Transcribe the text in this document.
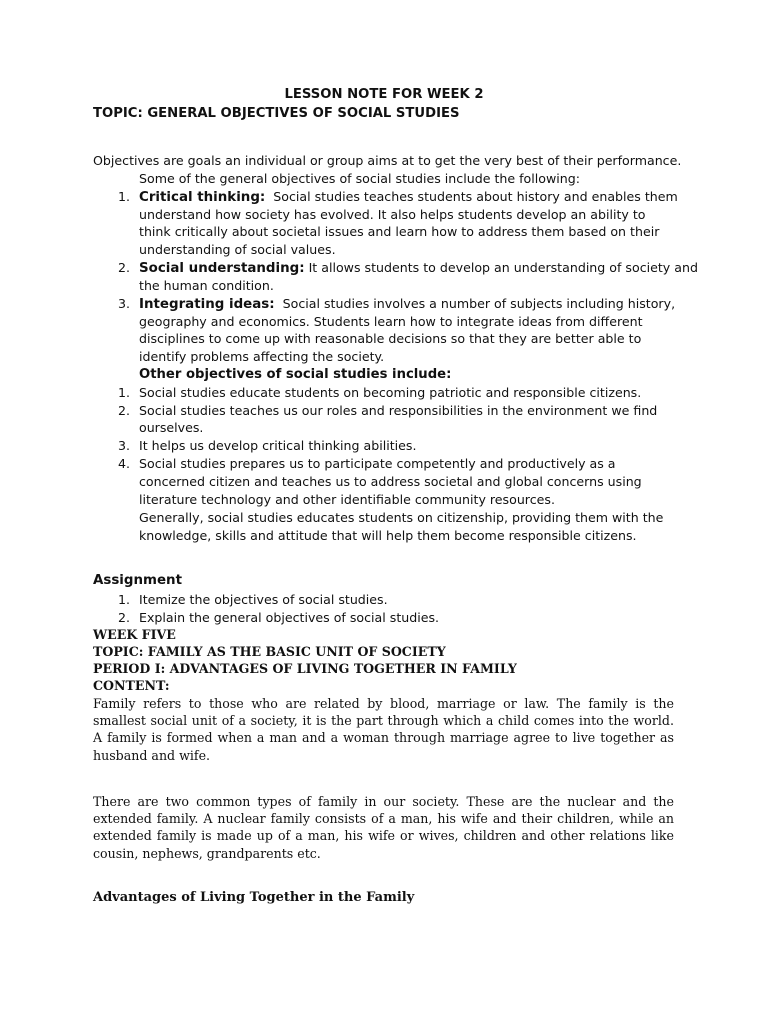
LESSON NOTE FOR WEEK 2
TOPIC: GENERAL OBJECTIVES OF SOCIAL STUDIES
Objectives are goals an individual or group aims at to get the very best of their performance.
Some of the general objectives of social studies include the following:
1. Critical thinking:  Social studies teaches students about history and enables them
understand how society has evolved. It also helps students develop an ability to
think critically about societal issues and learn how to address them based on their
understanding of social values.
2. Social understanding: It allows students to develop an understanding of society and
the human condition.
3. Integrating ideas:  Social studies involves a number of subjects including history,
geography and economics. Students learn how to integrate ideas from different
disciplines to come up with reasonable decisions so that they are better able to
identify problems affecting the society.
Other objectives of social studies include:
1. Social studies educate students on becoming patriotic and responsible citizens.
2. Social studies teaches us our roles and responsibilities in the environment we find
ourselves.
3. It helps us develop critical thinking abilities.
4. Social studies prepares us to participate competently and productively as a
concerned citizen and teaches us to address societal and global concerns using
literature technology and other identifiable community resources.
Generally, social studies educates students on citizenship, providing them with the
knowledge, skills and attitude that will help them become responsible citizens.
Assignment
1. Itemize the objectives of social studies.
2. Explain the general objectives of social studies.
WEEK FIVE
TOPIC: FAMILY AS THE BASIC UNIT OF SOCIETY
PERIOD I: ADVANTAGES OF LIVING TOGETHER IN FAMILY
CONTENT:

Family refers to those who are related by blood, marriage or law. The family is the smallest social unit of a society, it is the part through which a child comes into the world. A family is formed when a man and a woman through marriage agree to live together as husband and wife.

There are two common types of family in our society. These are the nuclear and the extended family. A nuclear family consists of a man, his wife and their children, while an extended family is made up of a man, his wife or wives, children and other relations like cousin, nephews, grandparents etc.

Advantages of Living Together in the Family
